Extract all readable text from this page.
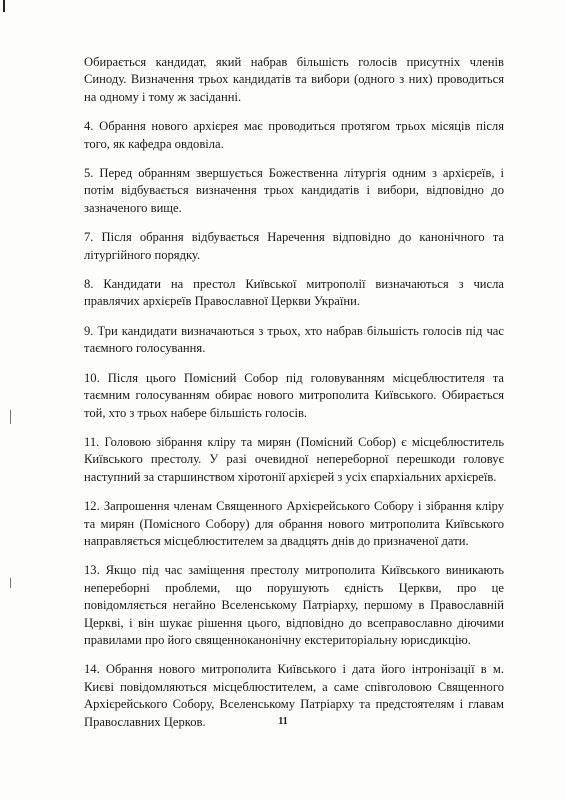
Обирається кандидат, який набрав більшість голосів присутніх членів Синоду. Визначення трьох кандидатів та вибори (одного з них) проводиться на одному і тому ж засіданні.

4. Обрання нового архієрея має проводиться протягом трьох місяців після того, як кафедра овдовіла.

5. Перед обранням звершується Божественна літургія одним з архієреїв, і потім відбувається визначення трьох кандидатів і вибори, відповідно до зазначеного вище.

7. Після обрання відбувається Наречення відповідно до канонічного та літургійного порядку.

8. Кандидати на престол Київської митрополії визначаються з числа правлячих архієреїв Православної Церкви України.

9. Три кандидати визначаються з трьох, хто набрав більшість голосів під час таємного голосування.

10. Після цього Помісний Собор під головуванням місцеблюстителя та таємним голосуванням обирає нового митрополита Київського. Обирається той, хто з трьох набере більшість голосів.

11. Головою зібрання кліру та мирян (Помісний Собор) є місцеблюститель Київського престолу. У разі очевидної непереборної перешкоди головує наступний за старшинством хіротонії архієрей з усіх єпархіальних архієреїв.

12. Запрошення членам Священного Архієрейського Собору і зібрання кліру та мирян (Помісного Собору) для обрання нового митрополита Київського направляється місцеблюстителем за двадцять днів до призначеної дати.

13. Якщо під час заміщення престолу митрополита Київського виникають непереборні проблеми, що порушують єдність Церкви, про це повідомляється негайно Вселенському Патріарху, першому в Православній Церкві, і він шукає рішення цього, відповідно до всеправославно діючими правилами про його священноканонічну екстериторіальну юрисдикцію.

14. Обрання нового митрополита Київського і дата його інтронізації в м. Києві повідомляються місцеблюстителем, а саме співголовою Священного Архієрейського Собору, Вселенському Патріарху та предстоятелям і главам Православних Церков.	11
